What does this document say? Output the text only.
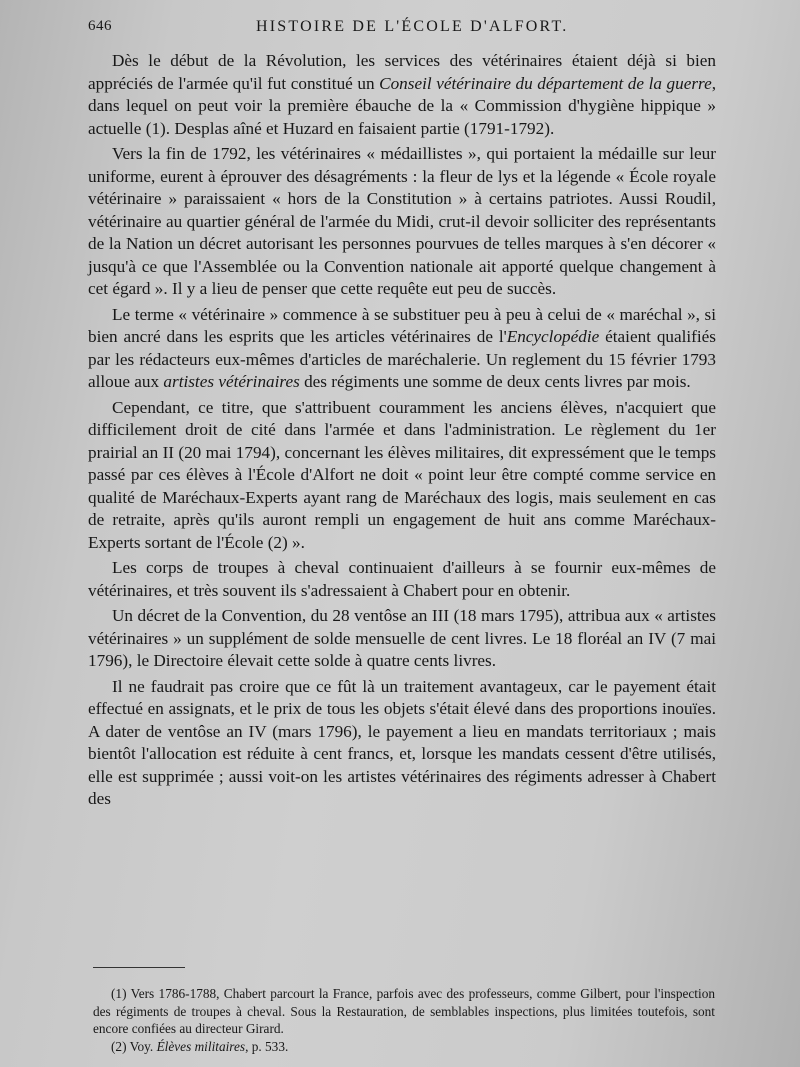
646	HISTOIRE DE L'ÉCOLE D'ALFORT.

Dès le début de la Révolution, les services des vétérinaires étaient déjà si bien appréciés de l'armée qu'il fut constitué un Conseil vétérinaire du département de la guerre, dans lequel on peut voir la première ébauche de la « Commission d'hygiène hippique » actuelle (1). Desplas aîné et Huzard en faisaient partie (1791-1792).

Vers la fin de 1792, les vétérinaires « médaillistes », qui portaient la médaille sur leur uniforme, eurent à éprouver des désagréments : la fleur de lys et la légende « École royale vétérinaire » paraissaient « hors de la Constitution » à certains patriotes. Aussi Roudil, vétérinaire au quartier général de l'armée du Midi, crut-il devoir solliciter des représentants de la Nation un décret autorisant les personnes pourvues de telles marques à s'en décorer « jusqu'à ce que l'Assemblée ou la Convention nationale ait apporté quelque changement à cet égard ». Il y a lieu de penser que cette requête eut peu de succès.

Le terme « vétérinaire » commence à se substituer peu à peu à celui de « maréchal », si bien ancré dans les esprits que les articles vétérinaires de l'Encyclopédie étaient qualifiés par les rédacteurs eux-mêmes d'articles de maréchalerie. Un reglement du 15 février 1793 alloue aux artistes vétérinaires des régiments une somme de deux cents livres par mois.

Cependant, ce titre, que s'attribuent couramment les anciens élèves, n'acquiert que difficilement droit de cité dans l'armée et dans l'administration. Le règlement du 1er prairial an II (20 mai 1794), concernant les élèves militaires, dit expressément que le temps passé par ces élèves à l'École d'Alfort ne doit « point leur être compté comme service en qualité de Maréchaux-Experts ayant rang de Maréchaux des logis, mais seulement en cas de retraite, après qu'ils auront rempli un engagement de huit ans comme Maréchaux-Experts sortant de l'École (2) ».

Les corps de troupes à cheval continuaient d'ailleurs à se fournir eux-mêmes de vétérinaires, et très souvent ils s'adressaient à Chabert pour en obtenir.

Un décret de la Convention, du 28 ventôse an III (18 mars 1795), attribua aux « artistes vétérinaires » un supplément de solde mensuelle de cent livres. Le 18 floréal an IV (7 mai 1796), le Directoire élevait cette solde à quatre cents livres.

Il ne faudrait pas croire que ce fût là un traitement avantageux, car le payement était effectué en assignats, et le prix de tous les objets s'était élevé dans des proportions inouïes. A dater de ventôse an IV (mars 1796), le payement a lieu en mandats territoriaux ; mais bientôt l'allocation est réduite à cent francs, et, lorsque les mandats cessent d'être utilisés, elle est supprimée ; aussi voit-on les artistes vétérinaires des régiments adresser à Chabert des

(1) Vers 1786-1788, Chabert parcourt la France, parfois avec des professeurs, comme Gilbert, pour l'inspection des régiments de troupes à cheval. Sous la Restauration, de semblables inspections, plus limitées toutefois, sont encore confiées au directeur Girard.

(2) Voy. Élèves militaires, p. 533.
